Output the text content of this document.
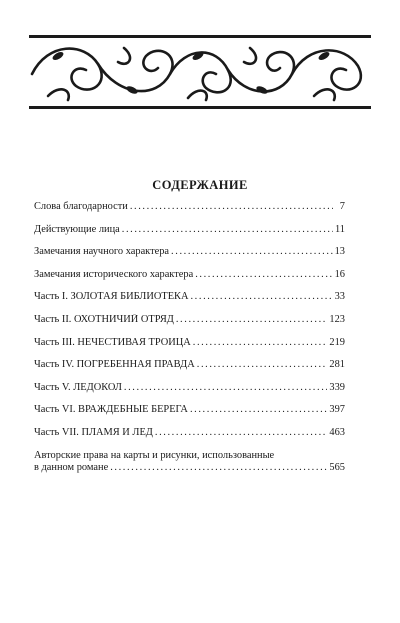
СОДЕРЖАНИЕ
Слова благодарности .....	7
Действующие лица .....	11
Замечания научного характера .....	13
Замечания исторического характера .....	16
Часть I. ЗОЛОТАЯ БИБЛИОТЕКА .....	33
Часть II. ОХОТНИЧИЙ ОТРЯД .....	123
Часть III. НЕЧЕСТИВАЯ ТРОИЦА .....	219
Часть IV. ПОГРЕБЕННАЯ ПРАВДА .....	281
Часть V. ЛЕДОКОЛ .....	339
Часть VI. ВРАЖДЕБНЫЕ БЕРЕГА .....	397
Часть VII. ПЛАМЯ И ЛЕД .....	463
Авторские права на карты и рисунки, использованные
в данном романе .....	565
